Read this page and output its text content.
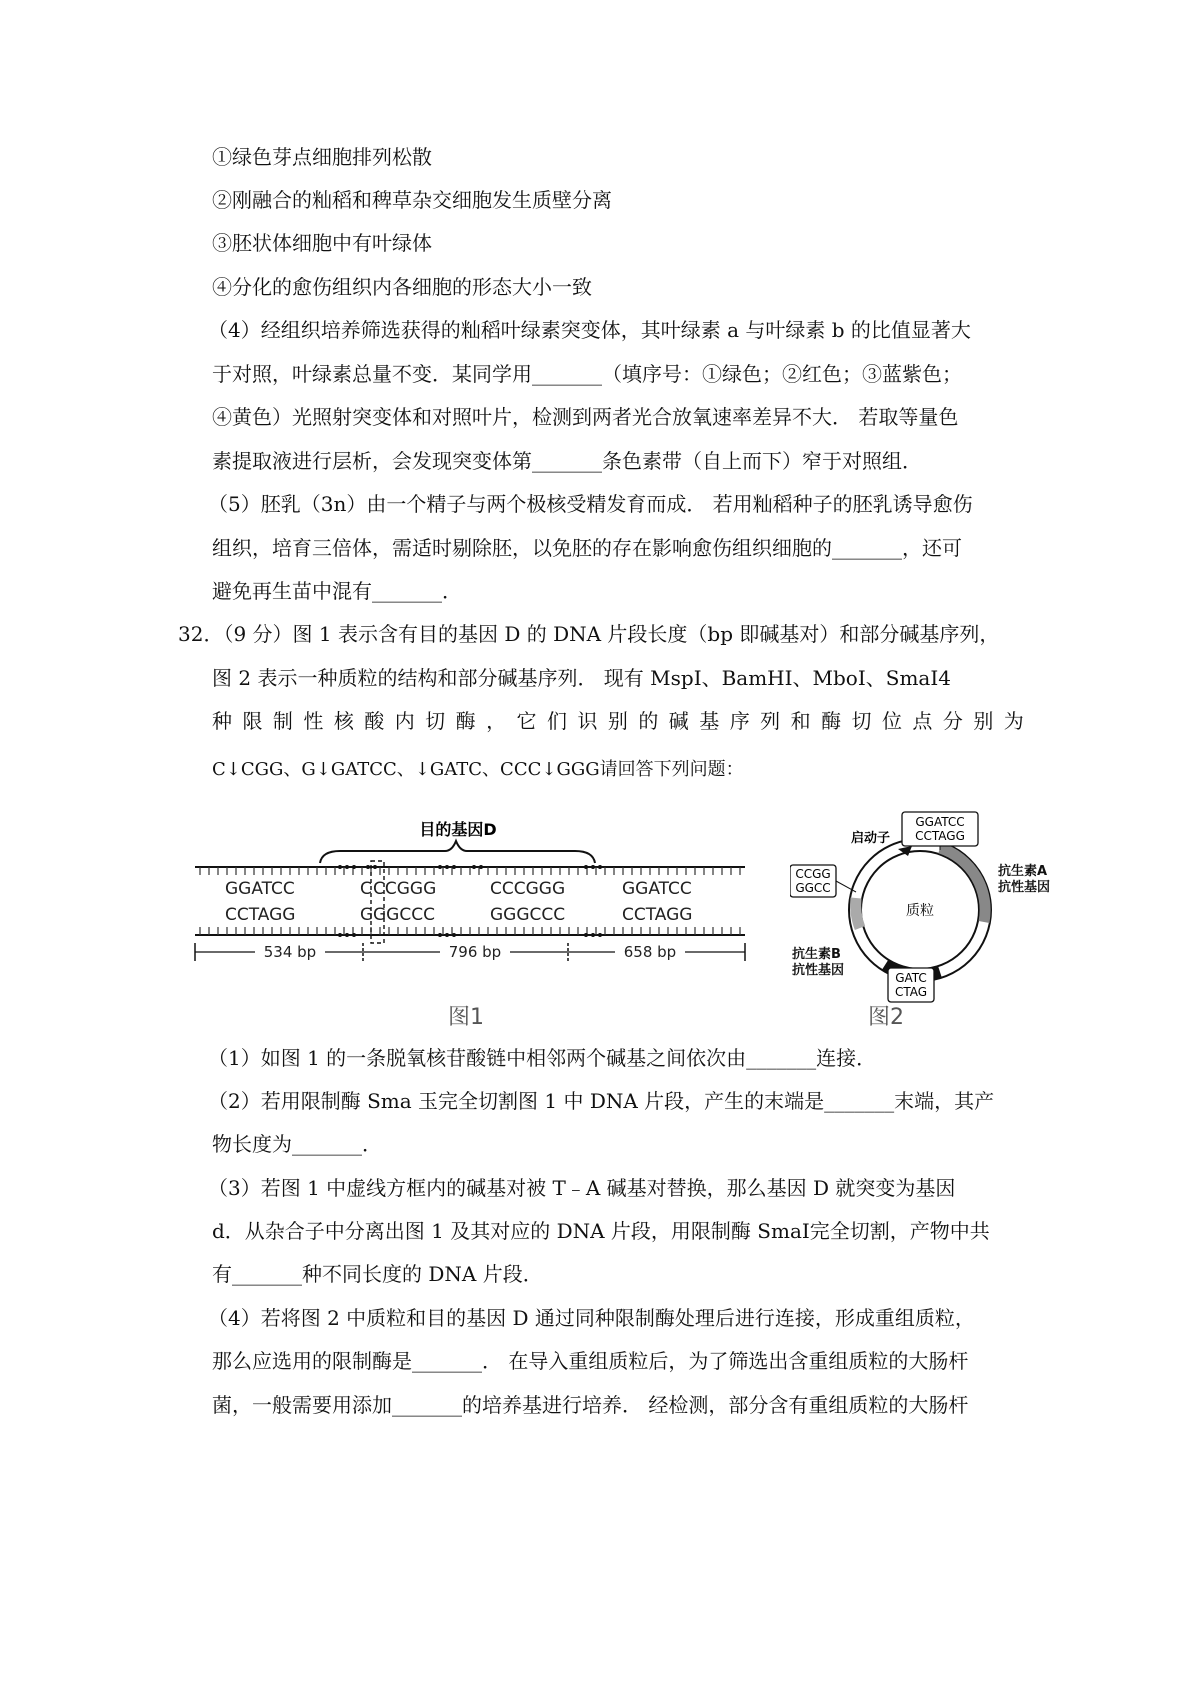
①绿色芽点细胞排列松散
②刚融合的籼稻和稗草杂交细胞发生质壁分离
③胚状体细胞中有叶绿体
④分化的愈伤组织内各细胞的形态大小一致
（4）经组织培养筛选获得的籼稻叶绿素突变体，其叶绿素 a 与叶绿素 b 的比值显著大
于对照，叶绿素总量不变．某同学用_______（填序号：①绿色；②红色；③蓝紫色；
④黄色）光照射突变体和对照叶片，检测到两者光合放氧速率差异不大． 若取等量色
素提取液进行层析，会发现突变体第_______条色素带（自上而下）窄于对照组．
（5）胚乳（3n）由一个精子与两个极核受精发育而成． 若用籼稻种子的胚乳诱导愈伤
组织，培育三倍体，需适时剔除胚，以免胚的存在影响愈伤组织细胞的_______，还可
避免再生苗中混有_______．
32．（9 分）图 1 表示含有目的基因 D 的 DNA 片段长度（bp 即碱基对）和部分碱基序列，
图 2 表示一种质粒的结构和部分碱基序列． 现有 MspⅠ、BamHⅠ、MboⅠ、SmaⅠ4
种 限 制 性 核 酸 内 切 酶 ， 它 们 识 别 的 碱 基 序 列 和 酶 切 位 点 分 别 为
C↓CGG、G↓GATCC、↓GATC、CCC↓GGG请回答下列问题：
目的基因D
GGATCC	C CCGGG	CCCGGG	GGATCC
CCTAGG	G GGCCC	GGGCCC	CCTAGG
534 bp	796 bp	658 bp
图1
启动子
质粒
GGATCC
CCTAGG
CCGG
GGCC
GATC
CTAG
抗生素A
抗性基因
抗生素B
抗性基因
图2
（1）如图 1 的一条脱氧核苷酸链中相邻两个碱基之间依次由_______连接．
（2）若用限制酶 Sma 玉完全切割图 1 中 DNA 片段，产生的末端是_______末端，其产
物长度为_______．
（3）若图 1 中虚线方框内的碱基对被 T﹣A 碱基对替换，那么基因 D 就突变为基因
d．从杂合子中分离出图 1 及其对应的 DNA 片段，用限制酶 SmaⅠ完全切割，产物中共
有_______种不同长度的 DNA 片段．
（4）若将图 2 中质粒和目的基因 D 通过同种限制酶处理后进行连接，形成重组质粒，
那么应选用的限制酶是_______． 在导入重组质粒后，为了筛选出含重组质粒的大肠杆
菌，一般需要用添加_______的培养基进行培养． 经检测，部分含有重组质粒的大肠杆
